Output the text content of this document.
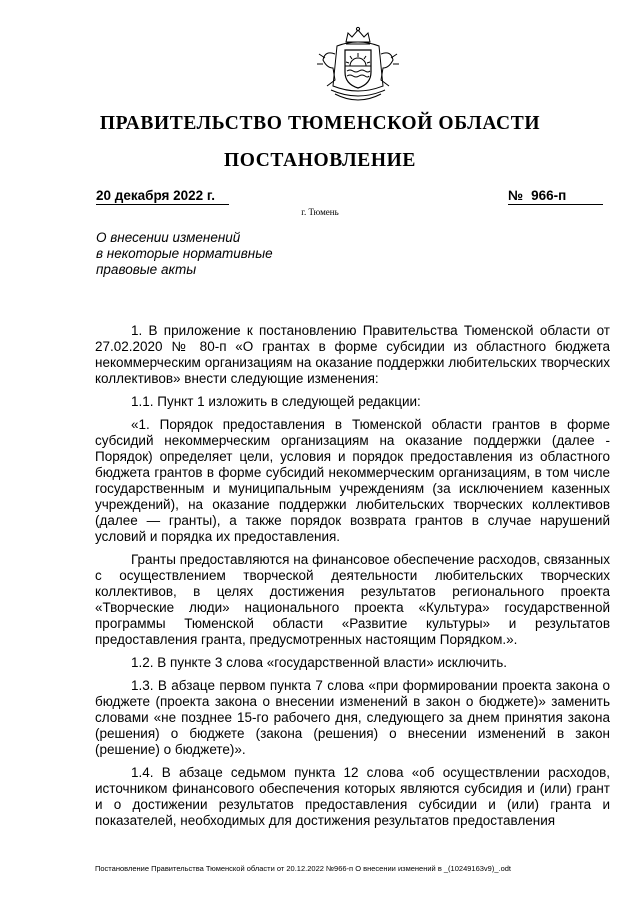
ПРАВИТЕЛЬСТВО ТЮМЕНСКОЙ ОБЛАСТИ
ПОСТАНОВЛЕНИЕ
20 декабря 2022 г.	№ 966-п
г. Тюмень
О внесении изменений
в некоторые нормативные
правовые акты

1. В приложение к постановлению Правительства Тюменской области от 27.02.2020 № 80-п «О грантах в форме субсидии из областного бюджета некоммерческим организациям на оказание поддержки любительских творческих коллективов» внести следующие изменения:

1.1. Пункт 1 изложить в следующей редакции:

«1. Порядок предоставления в Тюменской области грантов в форме субсидий некоммерческим организациям на оказание поддержки (далее - Порядок) определяет цели, условия и порядок предоставления из областного бюджета грантов в форме субсидий некоммерческим организациям, в том числе государственным и муниципальным учреждениям (за исключением казенных учреждений), на оказание поддержки любительских творческих коллективов (далее — гранты), а также порядок возврата грантов в случае нарушений условий и порядка их предоставления.

Гранты предоставляются на финансовое обеспечение расходов, связанных с осуществлением творческой деятельности любительских творческих коллективов, в целях достижения результатов регионального проекта «Творческие люди» национального проекта «Культура» государственной программы Тюменской области «Развитие культуры» и результатов предоставления гранта, предусмотренных настоящим Порядком.».

1.2. В пункте 3 слова «государственной власти» исключить.

1.3. В абзаце первом пункта 7 слова «при формировании проекта закона о бюджете (проекта закона о внесении изменений в закон о бюджете)» заменить словами «не позднее 15-го рабочего дня, следующего за днем принятия закона (решения) о бюджете (закона (решения) о внесении изменений в закон (решение) о бюджете)».

1.4. В абзаце седьмом пункта 12 слова «об осуществлении расходов, источником финансового обеспечения которых являются субсидия и (или) грант и о достижении результатов предоставления субсидии и (или) гранта и показателей, необходимых для достижения результатов предоставления

Постановление Правительства Тюменской области от 20.12.2022 №966-п О внесении изменений в _(10249163v9)_.odt
